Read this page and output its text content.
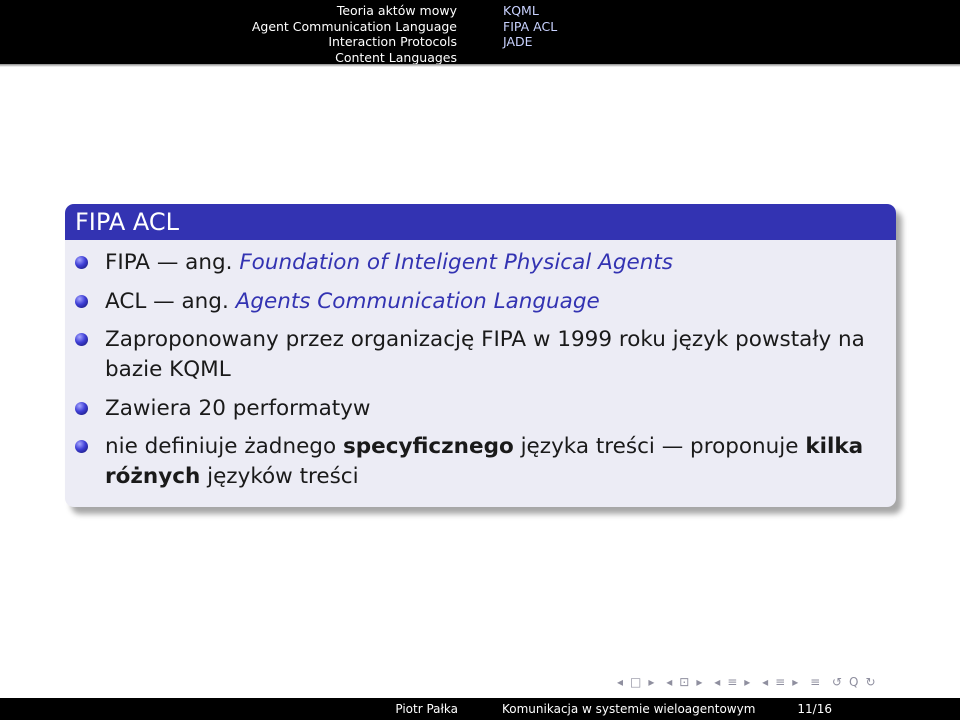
Teoria aktów mowy
Agent Communication Language
Interaction Protocols
Content Languages
KQML
FIPA ACL
JADE
FIPA ACL
FIPA — ang. Foundation of Inteligent Physical Agents
ACL — ang. Agents Communication Language
Zaproponowany przez organizację FIPA w 1999 roku język powstały na bazie KQML
Zawiera 20 performatyw
nie definiuje żadnego specyficznego języka treści — proponuje kilka różnych języków treści
◂ □ ▸ ◂ ⊡ ▸ ◂ ≡ ▸ ◂ ≡ ▸ ≡ ↺ Q ↻
Piotr Pałka	Komunikacja w systemie wieloagentowym	11/16
